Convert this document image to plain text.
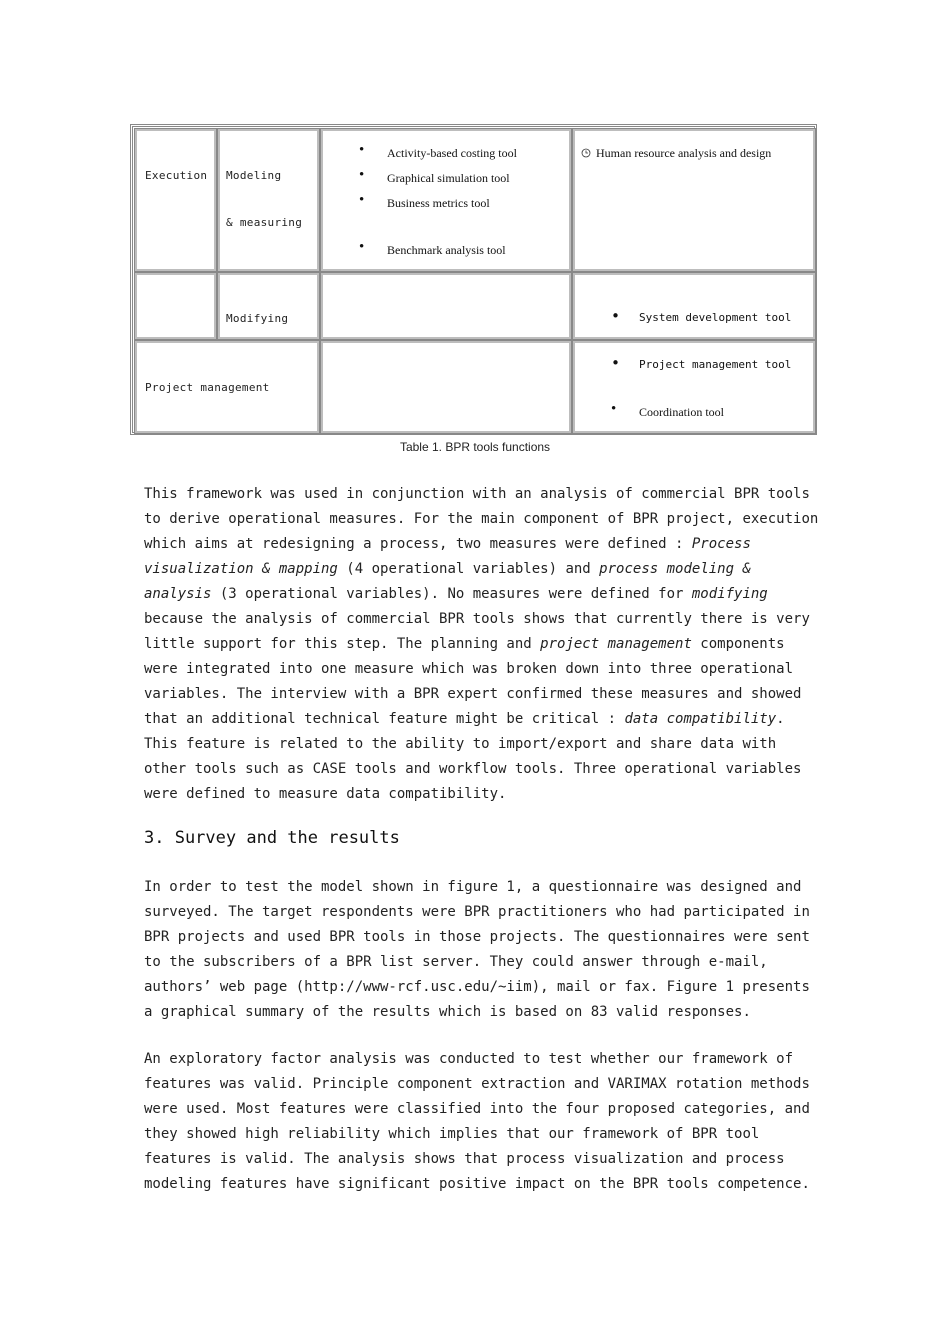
Execution Modeling
& measuring
• Activity-based costing tool
• Graphical simulation tool
• Business metrics tool
• Benchmark analysis tool
Human resource analysis and design
Modifying	• System development tool
Project management
• Project management tool
• Coordination tool
Table 1. BPR tools functions

This framework was used in conjunction with an analysis of commercial BPR tools to derive operational measures. For the main component of BPR project, execution which aims at redesigning a process, two measures were defined : Process visualization & mapping (4 operational variables) and process modeling & analysis (3 operational variables). No measures were defined for modifying because the analysis of commercial BPR tools shows that currently there is very little support for this step. The planning and project management components were integrated into one measure which was broken down into three operational variables. The interview with a BPR expert confirmed these measures and showed that an additional technical feature might be critical : data compatibility. This feature is related to the ability to import/export and share data with other tools such as CASE tools and workflow tools. Three operational variables were defined to measure data compatibility.

3. Survey and the results

In order to test the model shown in figure 1, a questionnaire was designed and surveyed. The target respondents were BPR practitioners who had participated in BPR projects and used BPR tools in those projects. The questionnaires were sent to the subscribers of a BPR list server. They could answer through e-mail, authors’ web page (http://www-rcf.usc.edu/~iim), mail or fax. Figure 1 presents a graphical summary of the results which is based on 83 valid responses.

An exploratory factor analysis was conducted to test whether our framework of features was valid. Principle component extraction and VARIMAX rotation methods were used. Most features were classified into the four proposed categories, and they showed high reliability which implies that our framework of BPR tool features is valid. The analysis shows that process visualization and process modeling features have significant positive impact on the BPR tools competence.
